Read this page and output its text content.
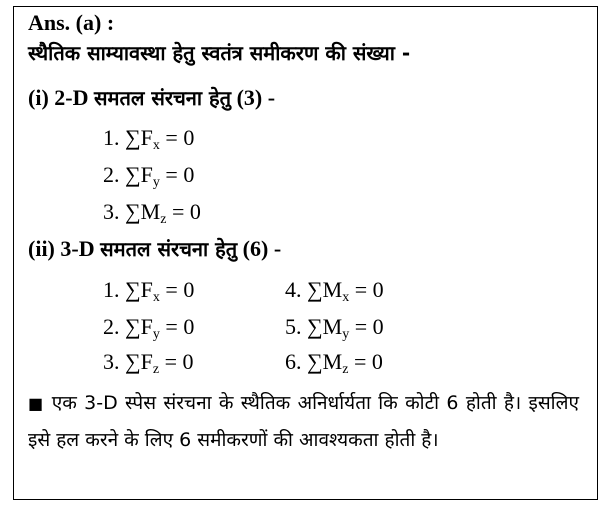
Ans. (a) :
स्थैतिक साम्यावस्था हेतु स्वतंत्र समीकरण की संख्या -
(i) 2-D समतल संरचना हेतु (3) -
1. $\sum F_x = 0$
2. $\sum F_y = 0$
3. $\sum M_z = 0$
(ii) 3-D समतल संरचना हेतु (6) -
1. $\sum F_x = 0$
2. $\sum F_y = 0$
3. $\sum F_z = 0$
4. $\sum M_x = 0$
5. $\sum M_y = 0$
6. $\sum M_z = 0$
■ एक 3-D स्पेस संरचना के स्थैतिक अनिर्धार्यता कि कोटी 6 होती है। इसलिए इसे हल करने के लिए 6 समीकरणों की आवश्यकता होती है।
